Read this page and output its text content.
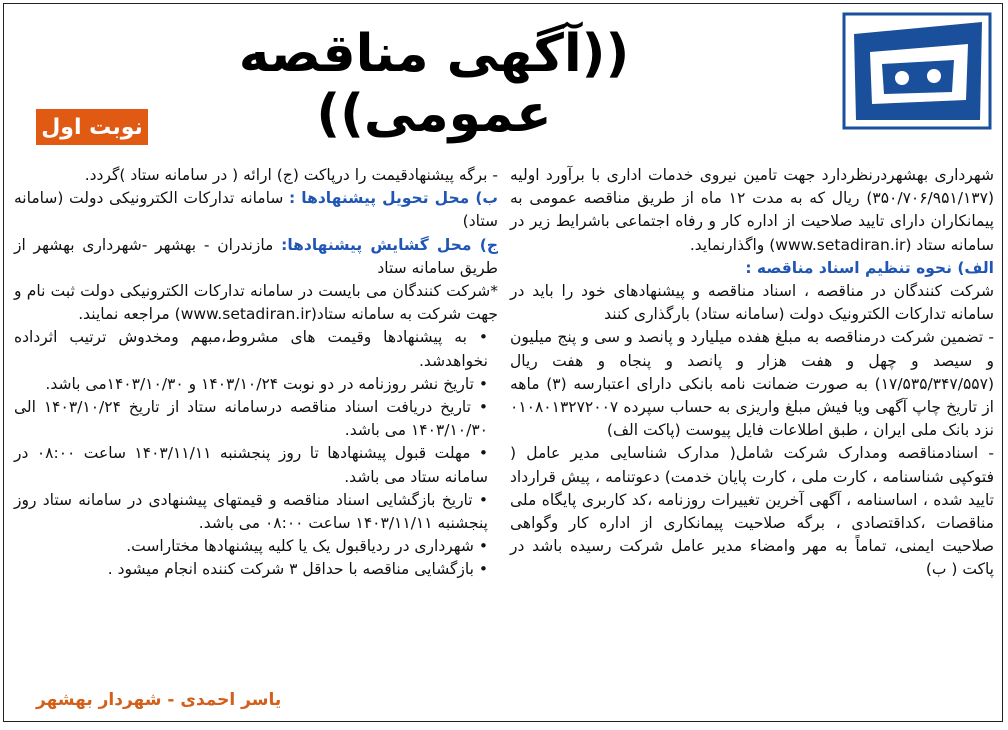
((آگهی مناقصه عمومی))
نوبت اول

شهرداری بهشهردرنظردارد جهت تامین نیروی خدمات اداری با برآورد اولیه (۳۵۰/۷۰۶/۹۵۱/۱۳۷) ریال که به مدت ۱۲ ماه از طریق مناقصه عمومی به پیمانکاران دارای تایید صلاحیت از اداره کار و رفاه اجتماعی باشرایط زیر در سامانه ستاد (www.setadiran.ir) واگذارنماید.

الف) نحوه تنظیم اسناد مناقصه :

شرکت کنندگان در مناقصه ، اسناد مناقصه و پیشنهادهای خود را باید در سامانه تدارکات الکترونیک دولت (سامانه ستاد) بارگذاری کنند

- تضمین شرکت درمناقصه به مبلغ هفده میلیارد و پانصد و سی و پنج میلیون و سیصد و چهل و هفت هزار و پانصد و پنجاه و هفت ریال (۱۷/۵۳۵/۳۴۷/۵۵۷) به صورت ضمانت نامه بانکی دارای اعتبارسه (۳) ماهه از تاریخ چاپ آگهی ویا فیش مبلغ واریزی به حساب سپرده ۰۱۰۸۰۱۳۲۷۲۰۰۷ نزد بانک ملی ایران ، طبق اطلاعات فایل پیوست (پاکت الف)

- اسنادمناقصه ومدارک شرکت شامل( مدارک شناسایی مدیر عامل ( فتوکپی شناسنامه ، کارت ملی ، کارت پایان خدمت) دعوتنامه ، پیش قرارداد تایید شده ، اساسنامه ، آگهی آخرین تغییرات روزنامه ،کد کاربری پایگاه ملی مناقصات ،کداقتصادی ، برگه صلاحیت پیمانکاری از اداره کار وگواهی صلاحیت ایمنی، تماماً به مهر وامضاء مدیر عامل شرکت رسیده باشد در پاکت ( ب)

- برگه پیشنهادقیمت را درپاکت (ج) ارائه ( در سامانه ستاد )گردد.

ب) محل تحویل پیشنهادها : سامانه تدارکات الکترونیکی دولت (سامانه ستاد)

ج) محل گشایش پیشنهادها: مازندران - بهشهر -شهرداری بهشهر از طریق سامانه ستاد

*شرکت کنندگان می بایست در سامانه تدارکات الکترونیکی دولت ثبت نام و جهت شرکت به سامانه ستاد(www.setadiran.ir) مراجعه نمایند.

• به پیشنهادها وقیمت های مشروط،مبهم ومخدوش ترتیب اثرداده نخواهدشد.

• تاریخ نشر روزنامه در دو نوبت ۱۴۰۳/۱۰/۲۴ و ۱۴۰۳/۱۰/۳۰می باشد.

• تاریخ دریافت اسناد مناقصه درسامانه ستاد از تاریخ ۱۴۰۳/۱۰/۲۴ الی ۱۴۰۳/۱۰/۳۰ می باشد.

• مهلت قبول پیشنهادها تا روز پنجشنبه ۱۴۰۳/۱۱/۱۱ ساعت ۰۸:۰۰ در سامانه ستاد می باشد.

• تاریخ بازگشایی اسناد مناقصه و قیمتهای پیشنهادی در سامانه ستاد روز پنجشنبه ۱۴۰۳/۱۱/۱۱ ساعت ۰۸:۰۰ می باشد.

• شهرداری در ردیاقبول یک یا کلیه پیشنهادها مختاراست.

• بازگشایی مناقصه با حداقل ۳ شرکت کننده انجام میشود .

یاسر احمدی - شهردار بهشهر
